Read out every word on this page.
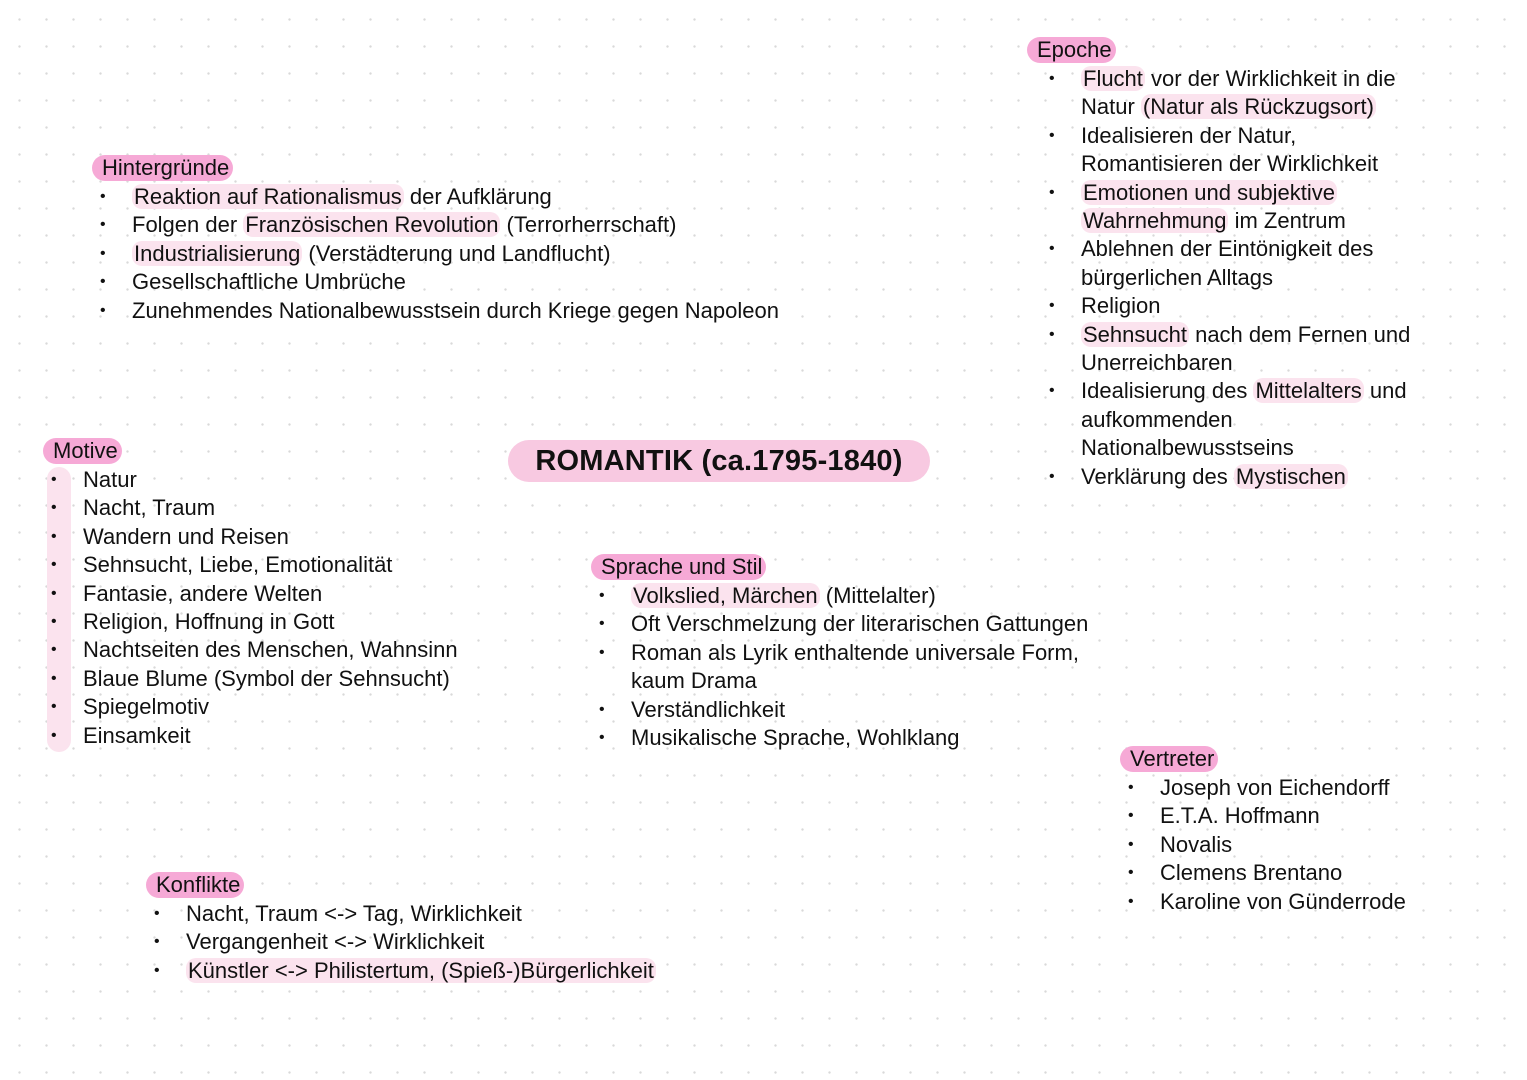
ROMANTIK (ca.1795-1840)
Hintergründe
• Reaktion auf Rationalismus der Aufklärung
• Folgen der Französischen Revolution (Terrorherrschaft)
• Industrialisierung (Verstädterung und Landflucht)
• Gesellschaftliche Umbrüche
• Zunehmendes Nationalbewusstsein durch Kriege gegen Napoleon
Epoche
• Flucht vor der Wirklichkeit in die
Natur (Natur als Rückzugsort)
• Idealisieren der Natur,
Romantisieren der Wirklichkeit
• Emotionen und subjektive
Wahrnehmung im Zentrum
• Ablehnen der Eintönigkeit des
bürgerlichen Alltags
• Religion
• Sehnsucht nach dem Fernen und
Unerreichbaren
• Idealisierung des Mittelalters und
aufkommenden
Nationalbewusstseins
• Verklärung des Mystischen
Motive
• Natur
• Nacht, Traum
• Wandern und Reisen
• Sehnsucht, Liebe, Emotionalität
• Fantasie, andere Welten
• Religion, Hoffnung in Gott
• Nachtseiten des Menschen, Wahnsinn
• Blaue Blume (Symbol der Sehnsucht)
• Spiegelmotiv
• Einsamkeit
Sprache und Stil
• Volkslied, Märchen (Mittelalter)
• Oft Verschmelzung der literarischen Gattungen
• Roman als Lyrik enthaltende universale Form,
kaum Drama
• Verständlichkeit
• Musikalische Sprache, Wohlklang
Vertreter
• Joseph von Eichendorff
• E.T.A. Hoffmann
• Novalis
• Clemens Brentano
• Karoline von Günderrode
Konflikte
• Nacht, Traum <-> Tag, Wirklichkeit
• Vergangenheit <-> Wirklichkeit
• Künstler <-> Philistertum, (Spieß-)Bürgerlichkeit
